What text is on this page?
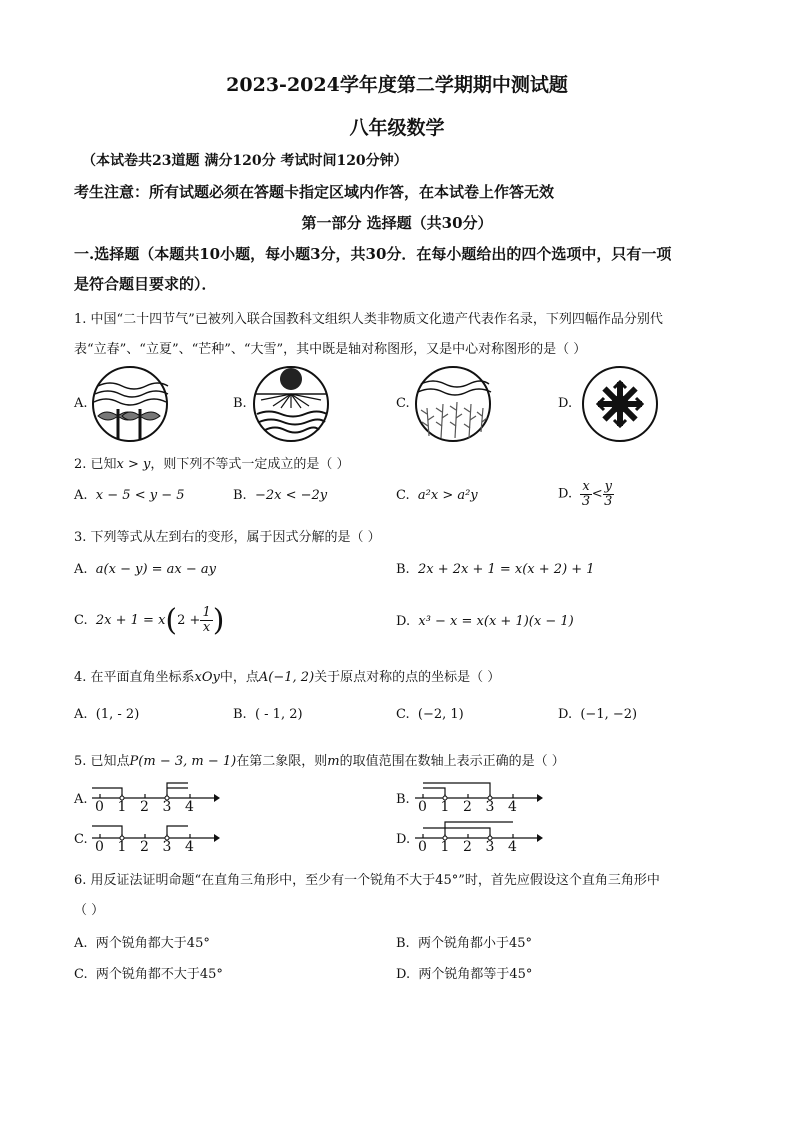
2023-2024学年度第二学期期中测试题
八年级数学
（本试卷共23道题 满分120分 考试时间120分钟）
考生注意：所有试题必须在答题卡指定区域内作答，在本试卷上作答无效
第一部分 选择题（共30分）
一.选择题（本题共10小题，每小题3分，共30分．在每小题给出的四个选项中，只有一项
是符合题目要求的）．
1. 中国“二十四节气”已被列入联合国教科文组织人类非物质文化遗产代表作名录，下列四幅作品分别代
表“立春”、“立夏”、“芒种”、“大雪”，其中既是轴对称图形，又是中心对称图形的是（ ）
A.	B.	C.	D.
2. 已知x > y，则下列不等式一定成立的是（ ）
A. x − 5 < y − 5	B. −2x < −2y	C. a²x > a²y	D. $\frac{x}{3} < \frac{y}{3}$
3. 下列等式从左到右的变形，属于因式分解的是（ ）
A. a(x − y) = ax − ay	B. 2x + 2x + 1 = x(x + 2) + 1
C. $2x + 1 = x(2 + \frac{1}{x}$ )	D. x³ − x = x(x + 1)(x − 1)
4. 在平面直角坐标系xOy中，点A(−1, 2)关于原点对称的点的坐标是（ ）
A. (1, - 2)	B. ( - 1, 2)	C. (−2, 1)	D. (−1, −2)
5. 已知点P(m − 3, m − 1)在第二象限，则m的取值范围在数轴上表示正确的是（ ）
A.	B.
C.	D.
0 1 2 3 4	0 1 2 3 4
0 1 2 3 4	0 1 2 3 4
6. 用反证法证明命题“在直角三角形中，至少有一个锐角不大于45°”时，首先应假设这个直角三角形中
（ ）
A. 两个锐角都大于45°	B. 两个锐角都小于45°
C. 两个锐角都不大于45°	D. 两个锐角都等于45°
